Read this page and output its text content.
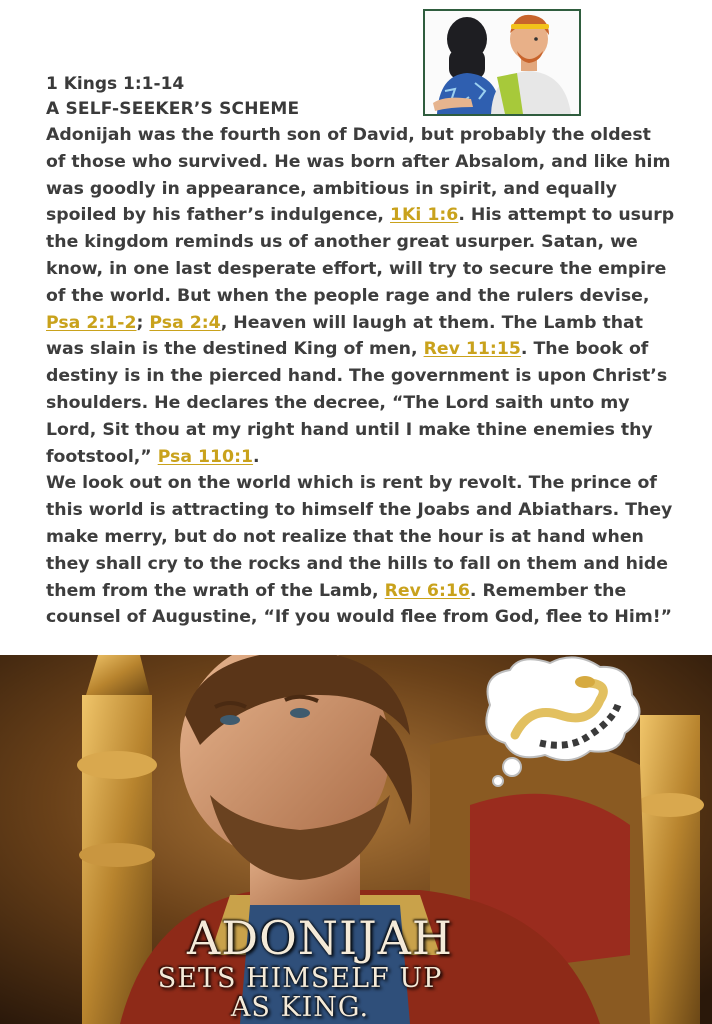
1 Kings 1:1-14
A SELF-SEEKER’S SCHEME

Adonijah was the fourth son of David, but probably the oldest of those who survived. He was born after Absalom, and like him was goodly in appearance, ambitious in spirit, and equally spoiled by his father’s indulgence, 1Ki 1:6. His attempt to usurp the kingdom reminds us of another great usurper. Satan, we know, in one last desperate effort, will try to secure the empire of the world. But when the people rage and the rulers devise, Psa 2:1-2; Psa 2:4, Heaven will laugh at them. The Lamb that was slain is the destined King of men, Rev 11:15. The book of destiny is in the pierced hand. The government is upon Christ’s shoulders. He declares the decree, “The Lord saith unto my Lord, Sit thou at my right hand until I make thine enemies thy footstool,” Psa 110:1.

We look out on the world which is rent by revolt. The prince of this world is attracting to himself the Joabs and Abiathars. They make merry, but do not realize that the hour is at hand when they shall cry to the rocks and the hills to fall on them and hide them from the wrath of the Lamb, Rev 6:16. Remember the counsel of Augustine, “If you would flee from God, flee to Him!”

ADONIJAH
SETS HIMSELF UP
AS KING.
